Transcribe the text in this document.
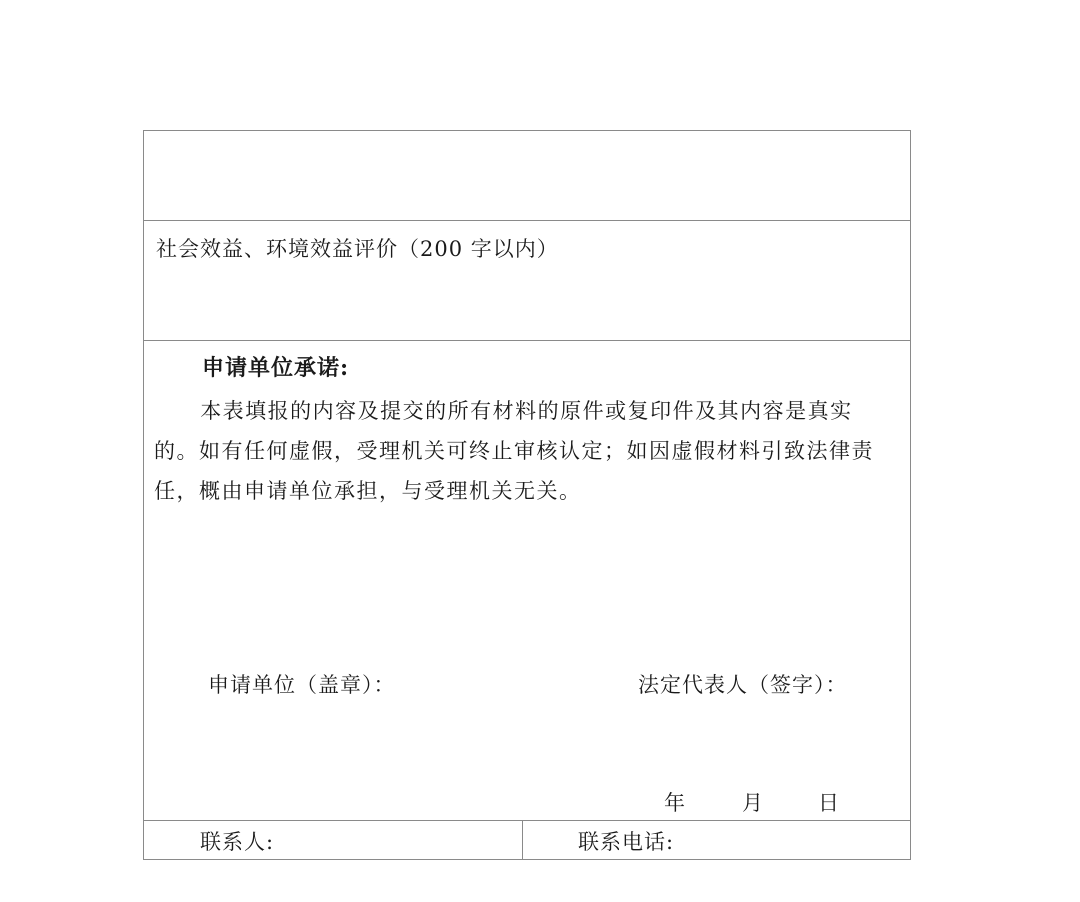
社会效益、环境效益评价（200 字以内）
申请单位承诺:
本表填报的内容及提交的所有材料的原件或复印件及其内容是真实的。如有任何虚假，受理机关可终止审核认定；如因虚假材料引致法律责任，概由申请单位承担，与受理机关无关。
申请单位（盖章）：	法定代表人（签字）：
年	月	日
联系人:	联系电话:
